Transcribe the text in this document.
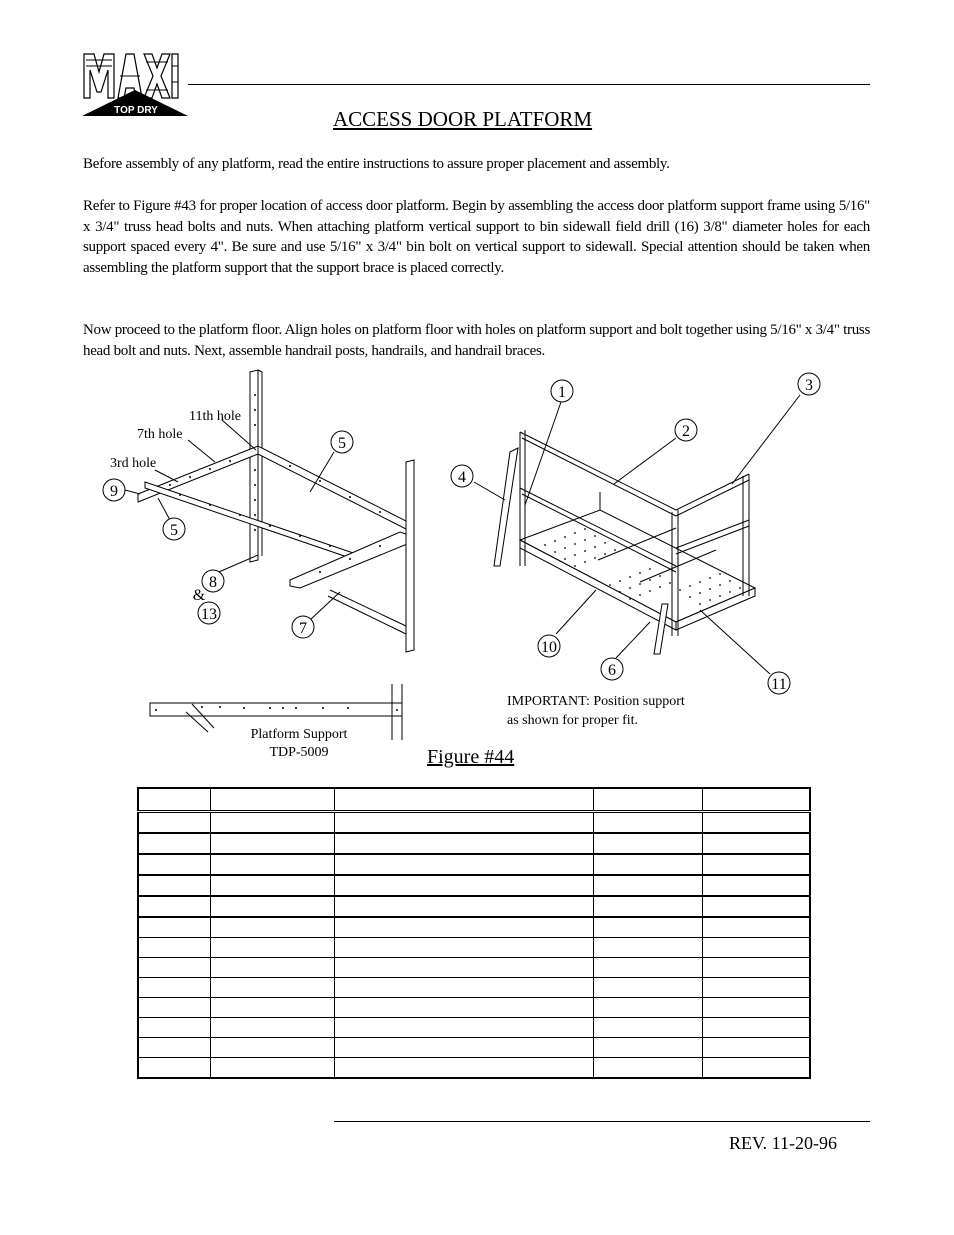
TOP DRY	ACCESS DOOR PLATFORM
Before assembly of any platform, read the entire instructions to assure proper placement and assembly.
Refer to Figure #43 for proper location of access door platform. Begin by assembling the access door platform support frame using 5/16" x 3/4" truss head bolts and nuts. When attaching platform vertical support to bin sidewall field drill (16) 3/8" diameter holes for each support spaced every 4". Be sure and use 5/16" x 3/4" bin bolt on vertical support to sidewall. Special attention should be taken when assembling the platform support that the support brace is placed correctly.
Now proceed to the platform floor. Align holes on platform floor with holes on platform support and bolt together using 5/16" x 3/4" truss head bolt and nuts. Next, assemble handrail posts, handrails, and handrail braces.
5
9
5
8
&
13
7
1
2
3
4
10
6
11
11th hole
7th hole
3rd hole
Platform Support
TDP-5009
IMPORTANT: Position support
as shown for proper fit.
Figure #44

REV. 11-20-96
